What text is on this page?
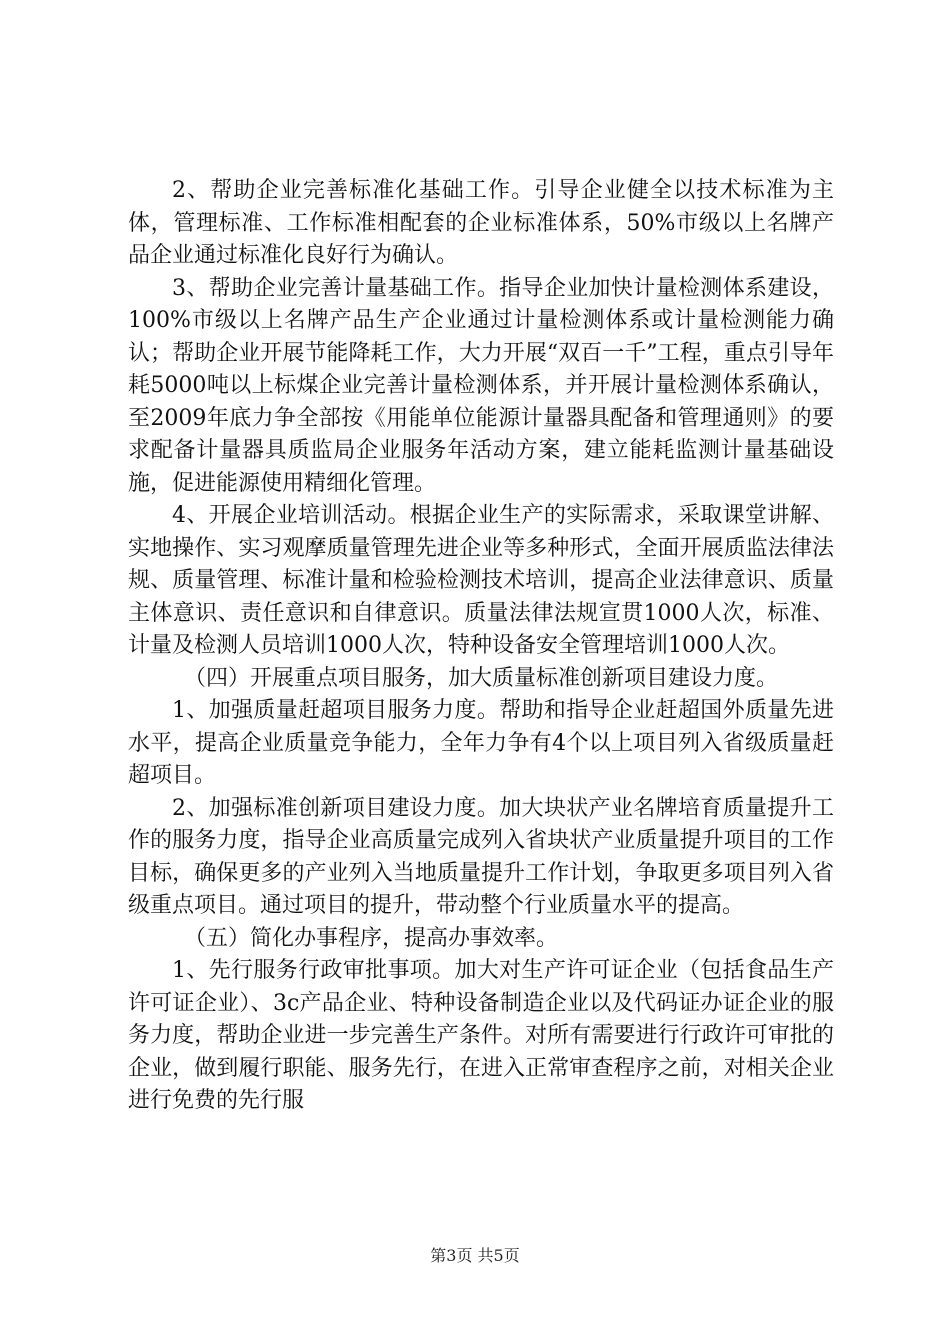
2、帮助企业完善标准化基础工作。引导企业健全以技术标准为主体，管理标准、工作标准相配套的企业标准体系，50%市级以上名牌产品企业通过标准化良好行为确认。

3、帮助企业完善计量基础工作。指导企业加快计量检测体系建设，100%市级以上名牌产品生产企业通过计量检测体系或计量检测能力确认；帮助企业开展节能降耗工作，大力开展“双百一千”工程，重点引导年耗5000吨以上标煤企业完善计量检测体系，并开展计量检测体系确认，至2009年底力争全部按《用能单位能源计量器具配备和管理通则》的要求配备计量器具质监局企业服务年活动方案，建立能耗监测计量基础设施，促进能源使用精细化管理。

4、开展企业培训活动。根据企业生产的实际需求，采取课堂讲解、实地操作、实习观摩质量管理先进企业等多种形式，全面开展质监法律法规、质量管理、标准计量和检验检测技术培训，提高企业法律意识、质量主体意识、责任意识和自律意识。质量法律法规宣贯1000人次，标准、计量及检测人员培训1000人次，特种设备安全管理培训1000人次。

（四）开展重点项目服务，加大质量标准创新项目建设力度。

1、加强质量赶超项目服务力度。帮助和指导企业赶超国外质量先进水平，提高企业质量竞争能力，全年力争有4个以上项目列入省级质量赶超项目。

2、加强标准创新项目建设力度。加大块状产业名牌培育质量提升工作的服务力度，指导企业高质量完成列入省块状产业质量提升项目的工作目标，确保更多的产业列入当地质量提升工作计划，争取更多项目列入省级重点项目。通过项目的提升，带动整个行业质量水平的提高。

（五）简化办事程序，提高办事效率。

1、先行服务行政审批事项。加大对生产许可证企业（包括食品生产许可证企业）、3c产品企业、特种设备制造企业以及代码证办证企业的服务力度，帮助企业进一步完善生产条件。对所有需要进行行政许可审批的企业，做到履行职能、服务先行，在进入正常审查程序之前，对相关企业进行免费的先行服

第3页 共5页
